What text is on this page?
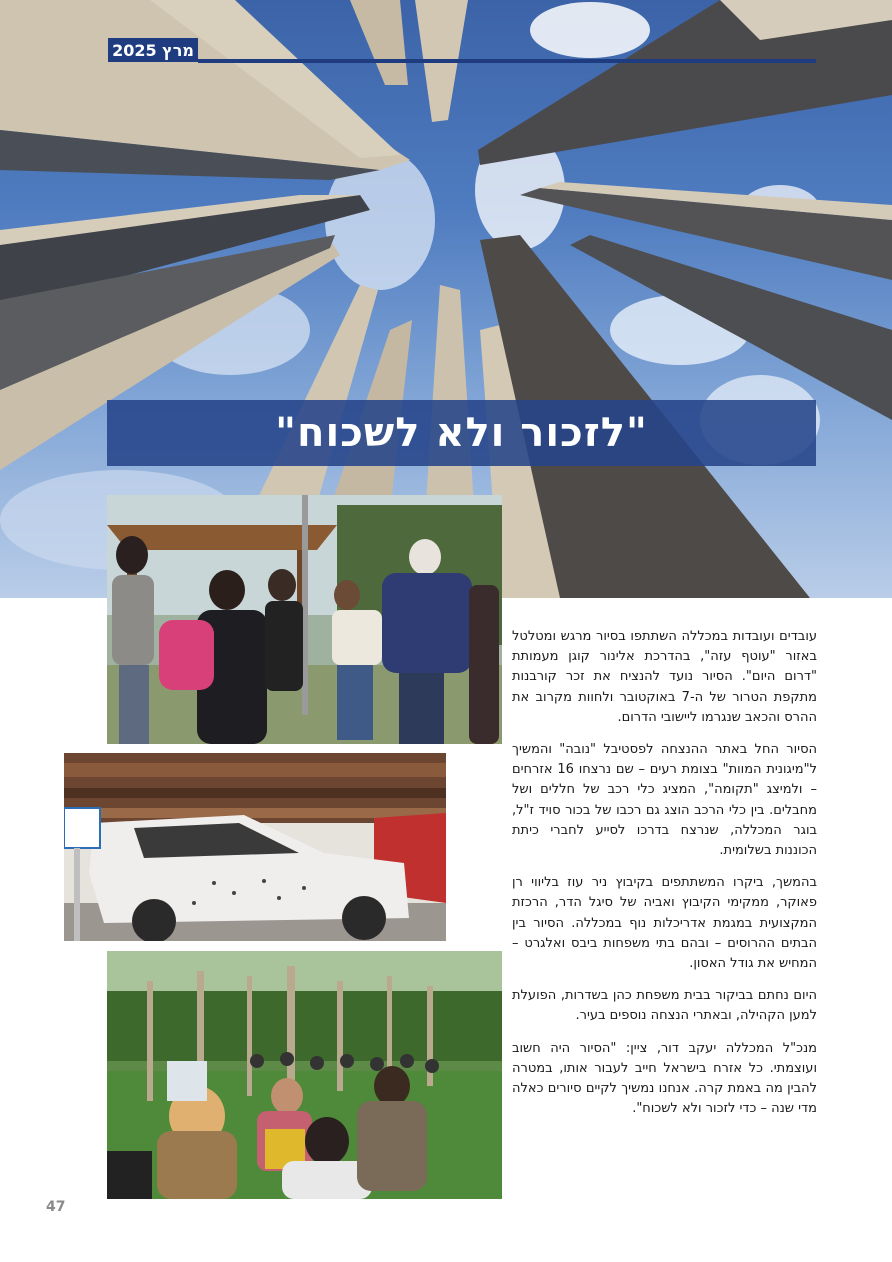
מרץ 2025
"לזכור ולא לשכוח"

עובדים ועובדות במכללה השתתפו בסיור מרגש ומטלטל באזור "עוטף עזה", בהדרכת אלינור קוגן מעמותת "דרום היום". הסיור נועד להנציח את זכר קורבנות מתקפת הטרור של ה-7 באוקטובר ולחוות מקרוב את ההרס והכאב שנגרמו ליישובי הדרום.

הסיור החל באתר ההנצחה לפסטיבל "נובה" והמשיך ל"מיגונית המוות" בצומת רעים – שם נרצחו 16 אזרחים – ולמיצג "תקומה", המציג כלי רכב של חללים ושל מחבלים. בין כלי הרכב הוצג גם רכבו של בכור סויד ז"ל, בוגר המכללה, שנרצח בדרכו לסייע לחברי כיתת הכוננות בשלומית.

בהמשך, ביקרו המשתתפים בקיבוץ ניר עוז בליווי רן פאוקר, ממקימי הקיבוץ ואביה של סיגל הדר, הרכזת המקצועית במגמת אדריכלות נוף במכללה. הסיור בין הבתים ההרוסים – ובהם בתי משפחות ביבס ואלגרט – המחיש את גודל האסון.

היום נחתם בביקור בבית משפחת כהן בשדרות, הפועלת למען הקהילה, ובאתרי הנצחה נוספים בעיר.

מנכ"ל המכללה יעקב דור, ציין: "הסיור היה חשוב ועוצמתי. כל אזרח בישראל חייב לעבור אותו, במטרה להבין מה באמת קרה. אנחנו נמשיך לקיים סיורים כאלה מדי שנה – כדי לזכור ולא לשכוח".

47
